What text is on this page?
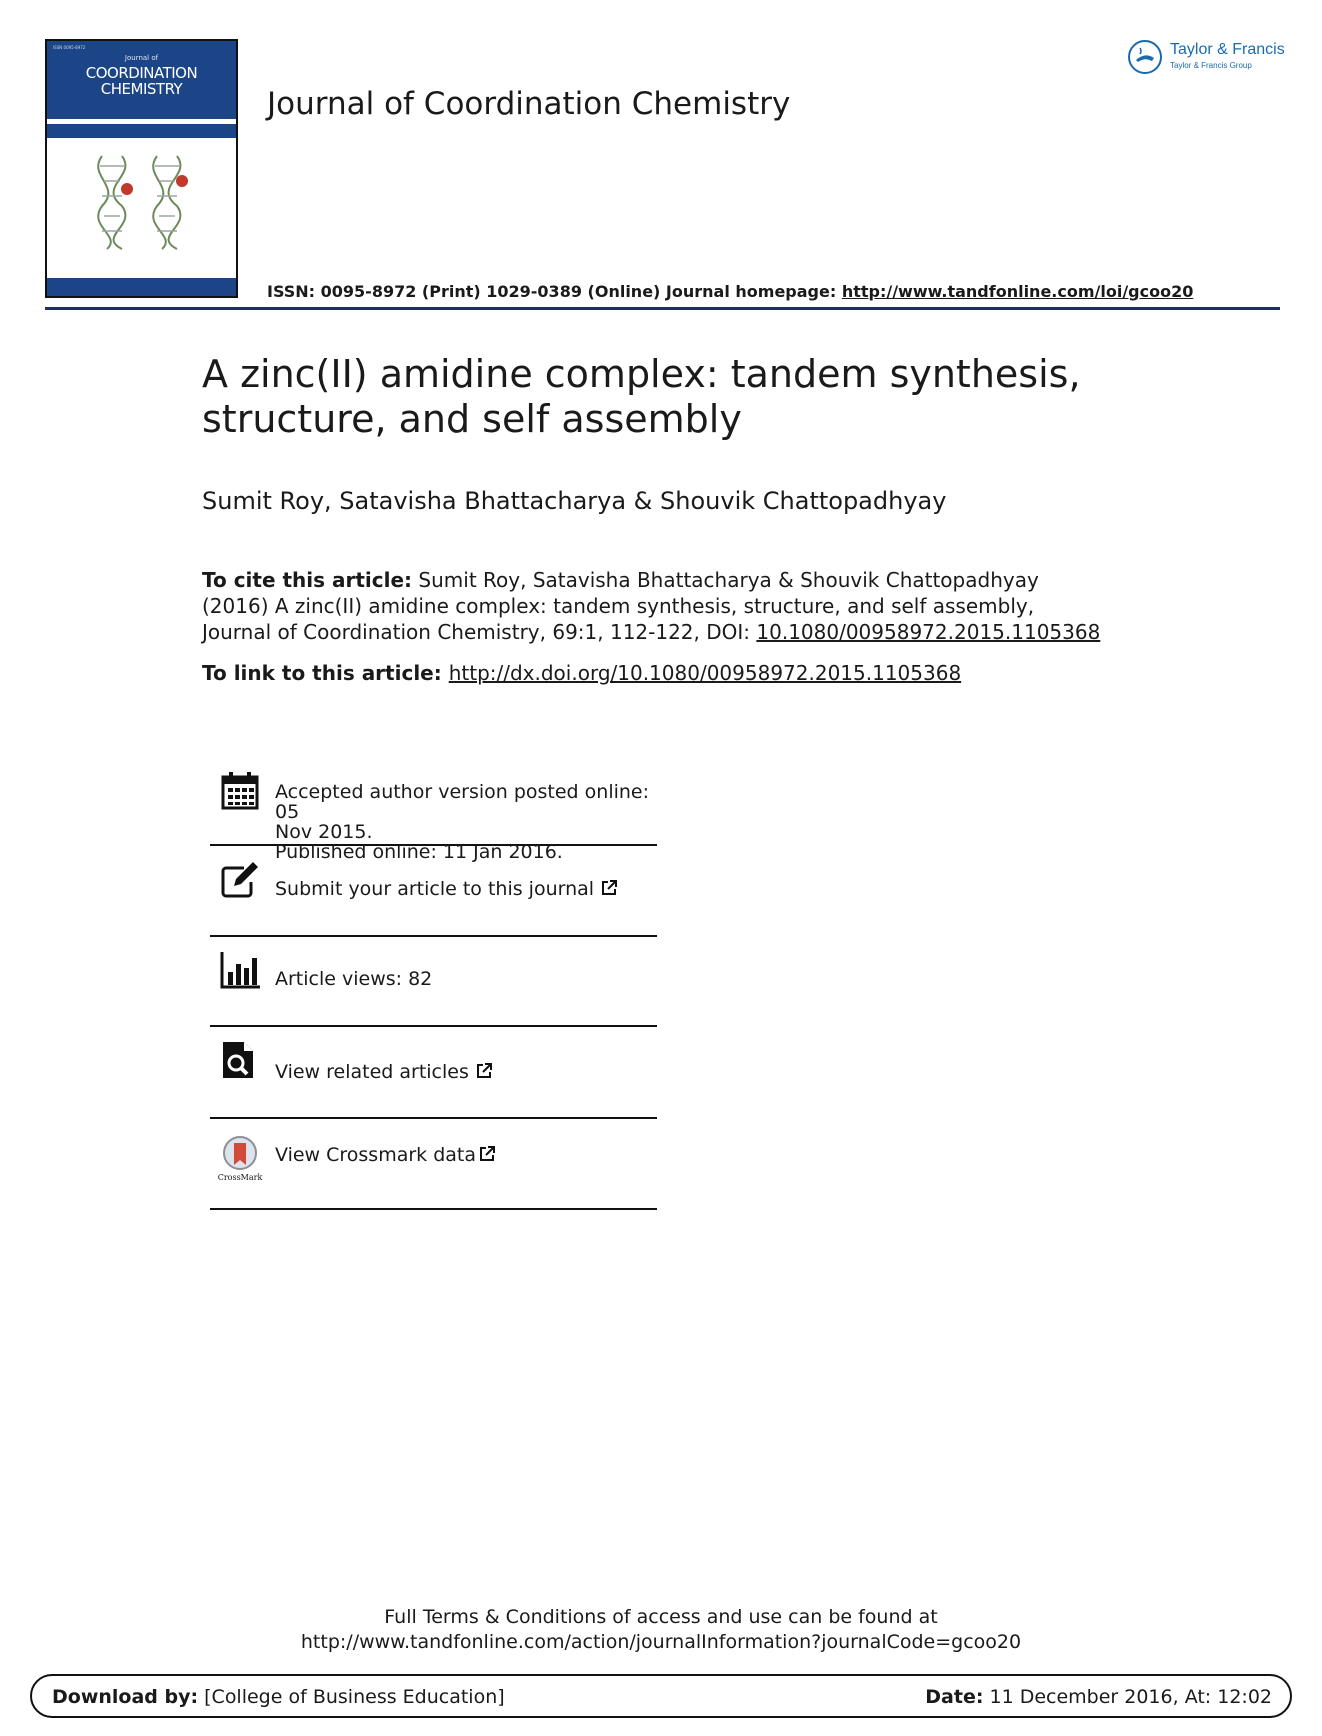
ISSN 0095-8972
Journal of
COORDINATION
CHEMISTRY	Journal of Coordination Chemistry
ISSN: 0095-8972 (Print) 1029-0389 (Online) Journal homepage: http://www.tandfonline.com/loi/gcoo20
Taylor & Francis
Taylor & Francis Group
A zinc(II) amidine complex: tandem synthesis,
structure, and self assembly
Sumit Roy, Satavisha Bhattacharya & Shouvik Chattopadhyay
To cite this article: Sumit Roy, Satavisha Bhattacharya & Shouvik Chattopadhyay (2016) A zinc(II) amidine complex: tandem synthesis, structure, and self assembly, Journal of Coordination Chemistry, 69:1, 112-122, DOI: 10.1080/00958972.2015.1105368
To link to this article: http://dx.doi.org/10.1080/00958972.2015.1105368
Accepted author version posted online: 05
Nov 2015.
Published online: 11 Jan 2016.
Submit your article to this journal
Article views: 82
View related articles
CrossMark
View Crossmark data
Full Terms & Conditions of access and use can be found at
http://www.tandfonline.com/action/journalInformation?journalCode=gcoo20
Download by: [College of Business Education]	Date: 11 December 2016, At: 12:02
